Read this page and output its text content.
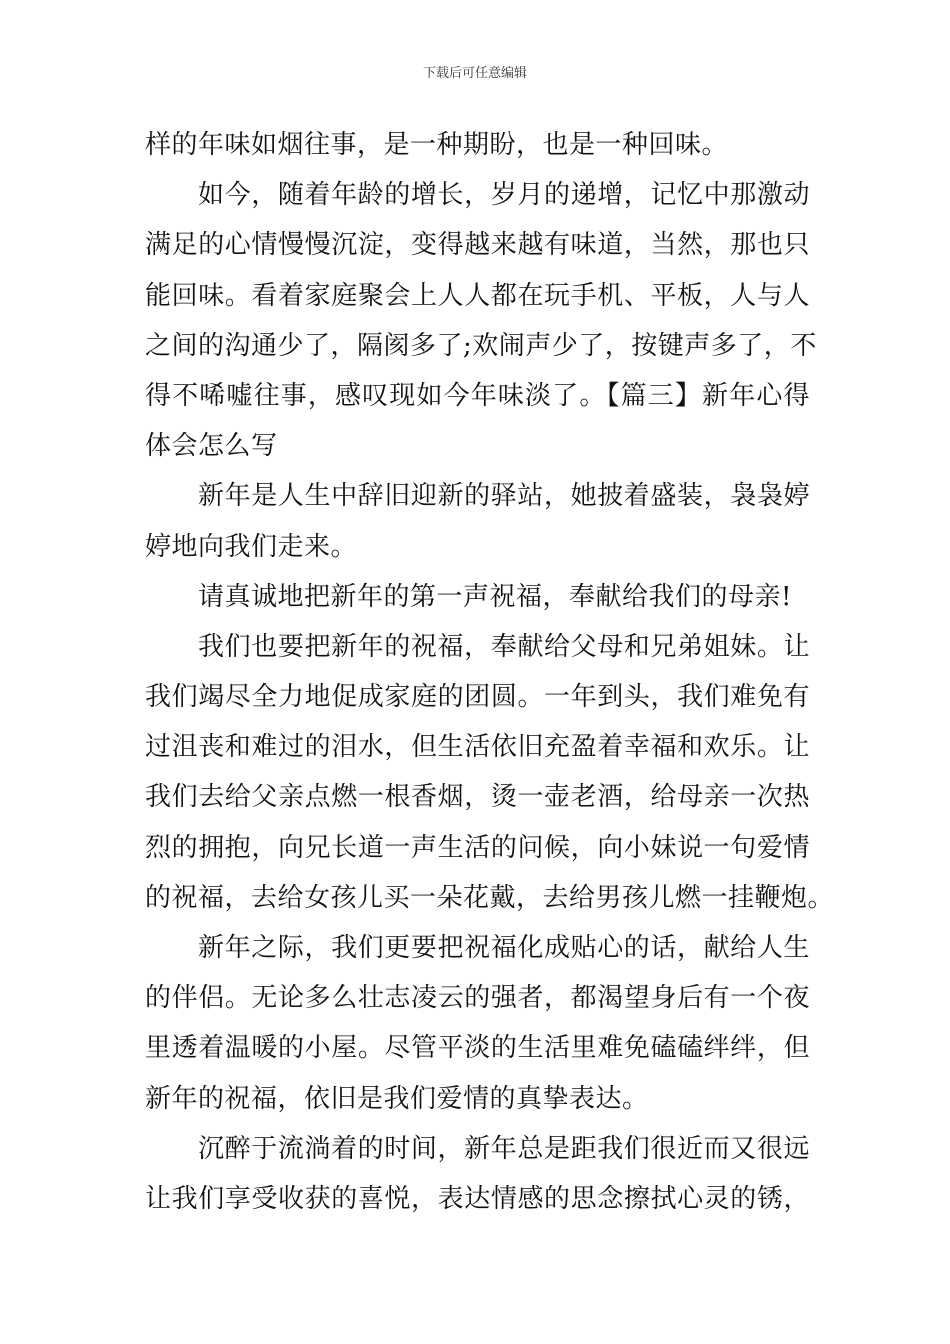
下载后可任意编辑
样的年味如烟往事，是一种期盼，也是一种回味。
如今，随着年龄的增长，岁月的递增，记忆中那激动
满足的心情慢慢沉淀，变得越来越有味道，当然，那也只
能回味。看着家庭聚会上人人都在玩手机、平板，人与人
之间的沟通少了，隔阂多了;欢闹声少了，按键声多了，不
得不唏嘘往事，感叹现如今年味淡了。【篇三】新年心得
体会怎么写
新年是人生中辞旧迎新的驿站，她披着盛装，袅袅婷
婷地向我们走来。
请真诚地把新年的第一声祝福，奉献给我们的母亲!
我们也要把新年的祝福，奉献给父母和兄弟姐妹。让
我们竭尽全力地促成家庭的团圆。一年到头，我们难免有
过沮丧和难过的泪水，但生活依旧充盈着幸福和欢乐。让
我们去给父亲点燃一根香烟，烫一壶老酒，给母亲一次热
烈的拥抱，向兄长道一声生活的问候，向小妹说一句爱情
的祝福，去给女孩儿买一朵花戴，去给男孩儿燃一挂鞭炮。
新年之际，我们更要把祝福化成贴心的话，献给人生
的伴侣。无论多么壮志凌云的强者，都渴望身后有一个夜
里透着温暖的小屋。尽管平淡的生活里难免磕磕绊绊，但
新年的祝福，依旧是我们爱情的真挚表达。
沉醉于流淌着的时间，新年总是距我们很近而又很远
让我们享受收获的喜悦，表达情感的思念擦拭心灵的锈，
